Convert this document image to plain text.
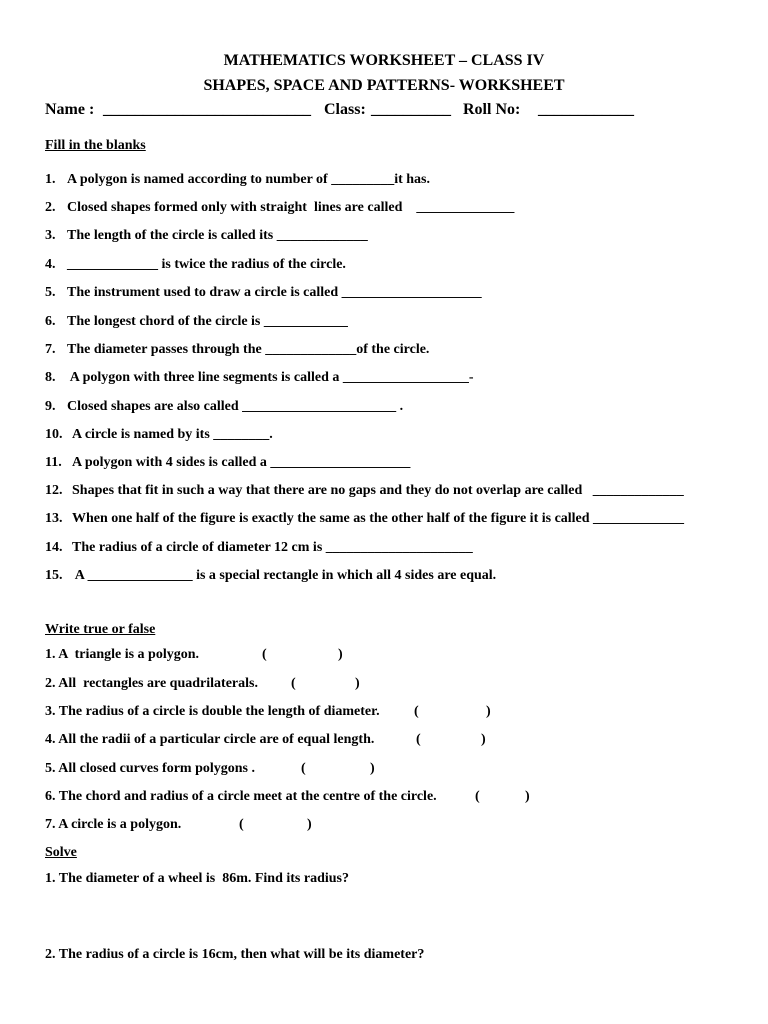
MATHEMATICS WORKSHEET – CLASS IV
SHAPES, SPACE AND PATTERNS- WORKSHEET
Name : __________________________ Class: __________ Roll No: ____________
Fill in the blanks
1. A polygon is named according to number of _________it has.
2. Closed shapes formed only with straight  lines are called    ______________
3. The length of the circle is called its _____________
4. _____________ is twice the radius of the circle.
5. The instrument used to draw a circle is called ____________________
6. The longest chord of the circle is ____________
7. The diameter passes through the _____________of the circle.
8. A polygon with three line segments is called a __________________-
9. Closed shapes are also called ______________________ .
10. A circle is named by its ________.
11. A polygon with 4 sides is called a ____________________
12. Shapes that fit in such a way that there are no gaps and they do not overlap are called   _____________
13. When one half of the figure is exactly the same as the other half of the figure it is called _____________
14. The radius of a circle of diameter 12 cm is _____________________
15. A _______________ is a special rectangle in which all 4 sides are equal.
Write true or false
1. A  triangle is a polygon.	(	)
2. All  rectangles are quadrilaterals. (	)
3. The radius of a circle is double the length of diameter. (	)
4. All the radii of a particular circle are of equal length.	(	)
5. All closed curves form polygons .	(	)
6. The chord and radius of a circle meet at the centre of the circle.	(	)
7. A circle is a polygon.	(	)
Solve
1. The diameter of a wheel is  86m. Find its radius?
2. The radius of a circle is 16cm, then what will be its diameter?
